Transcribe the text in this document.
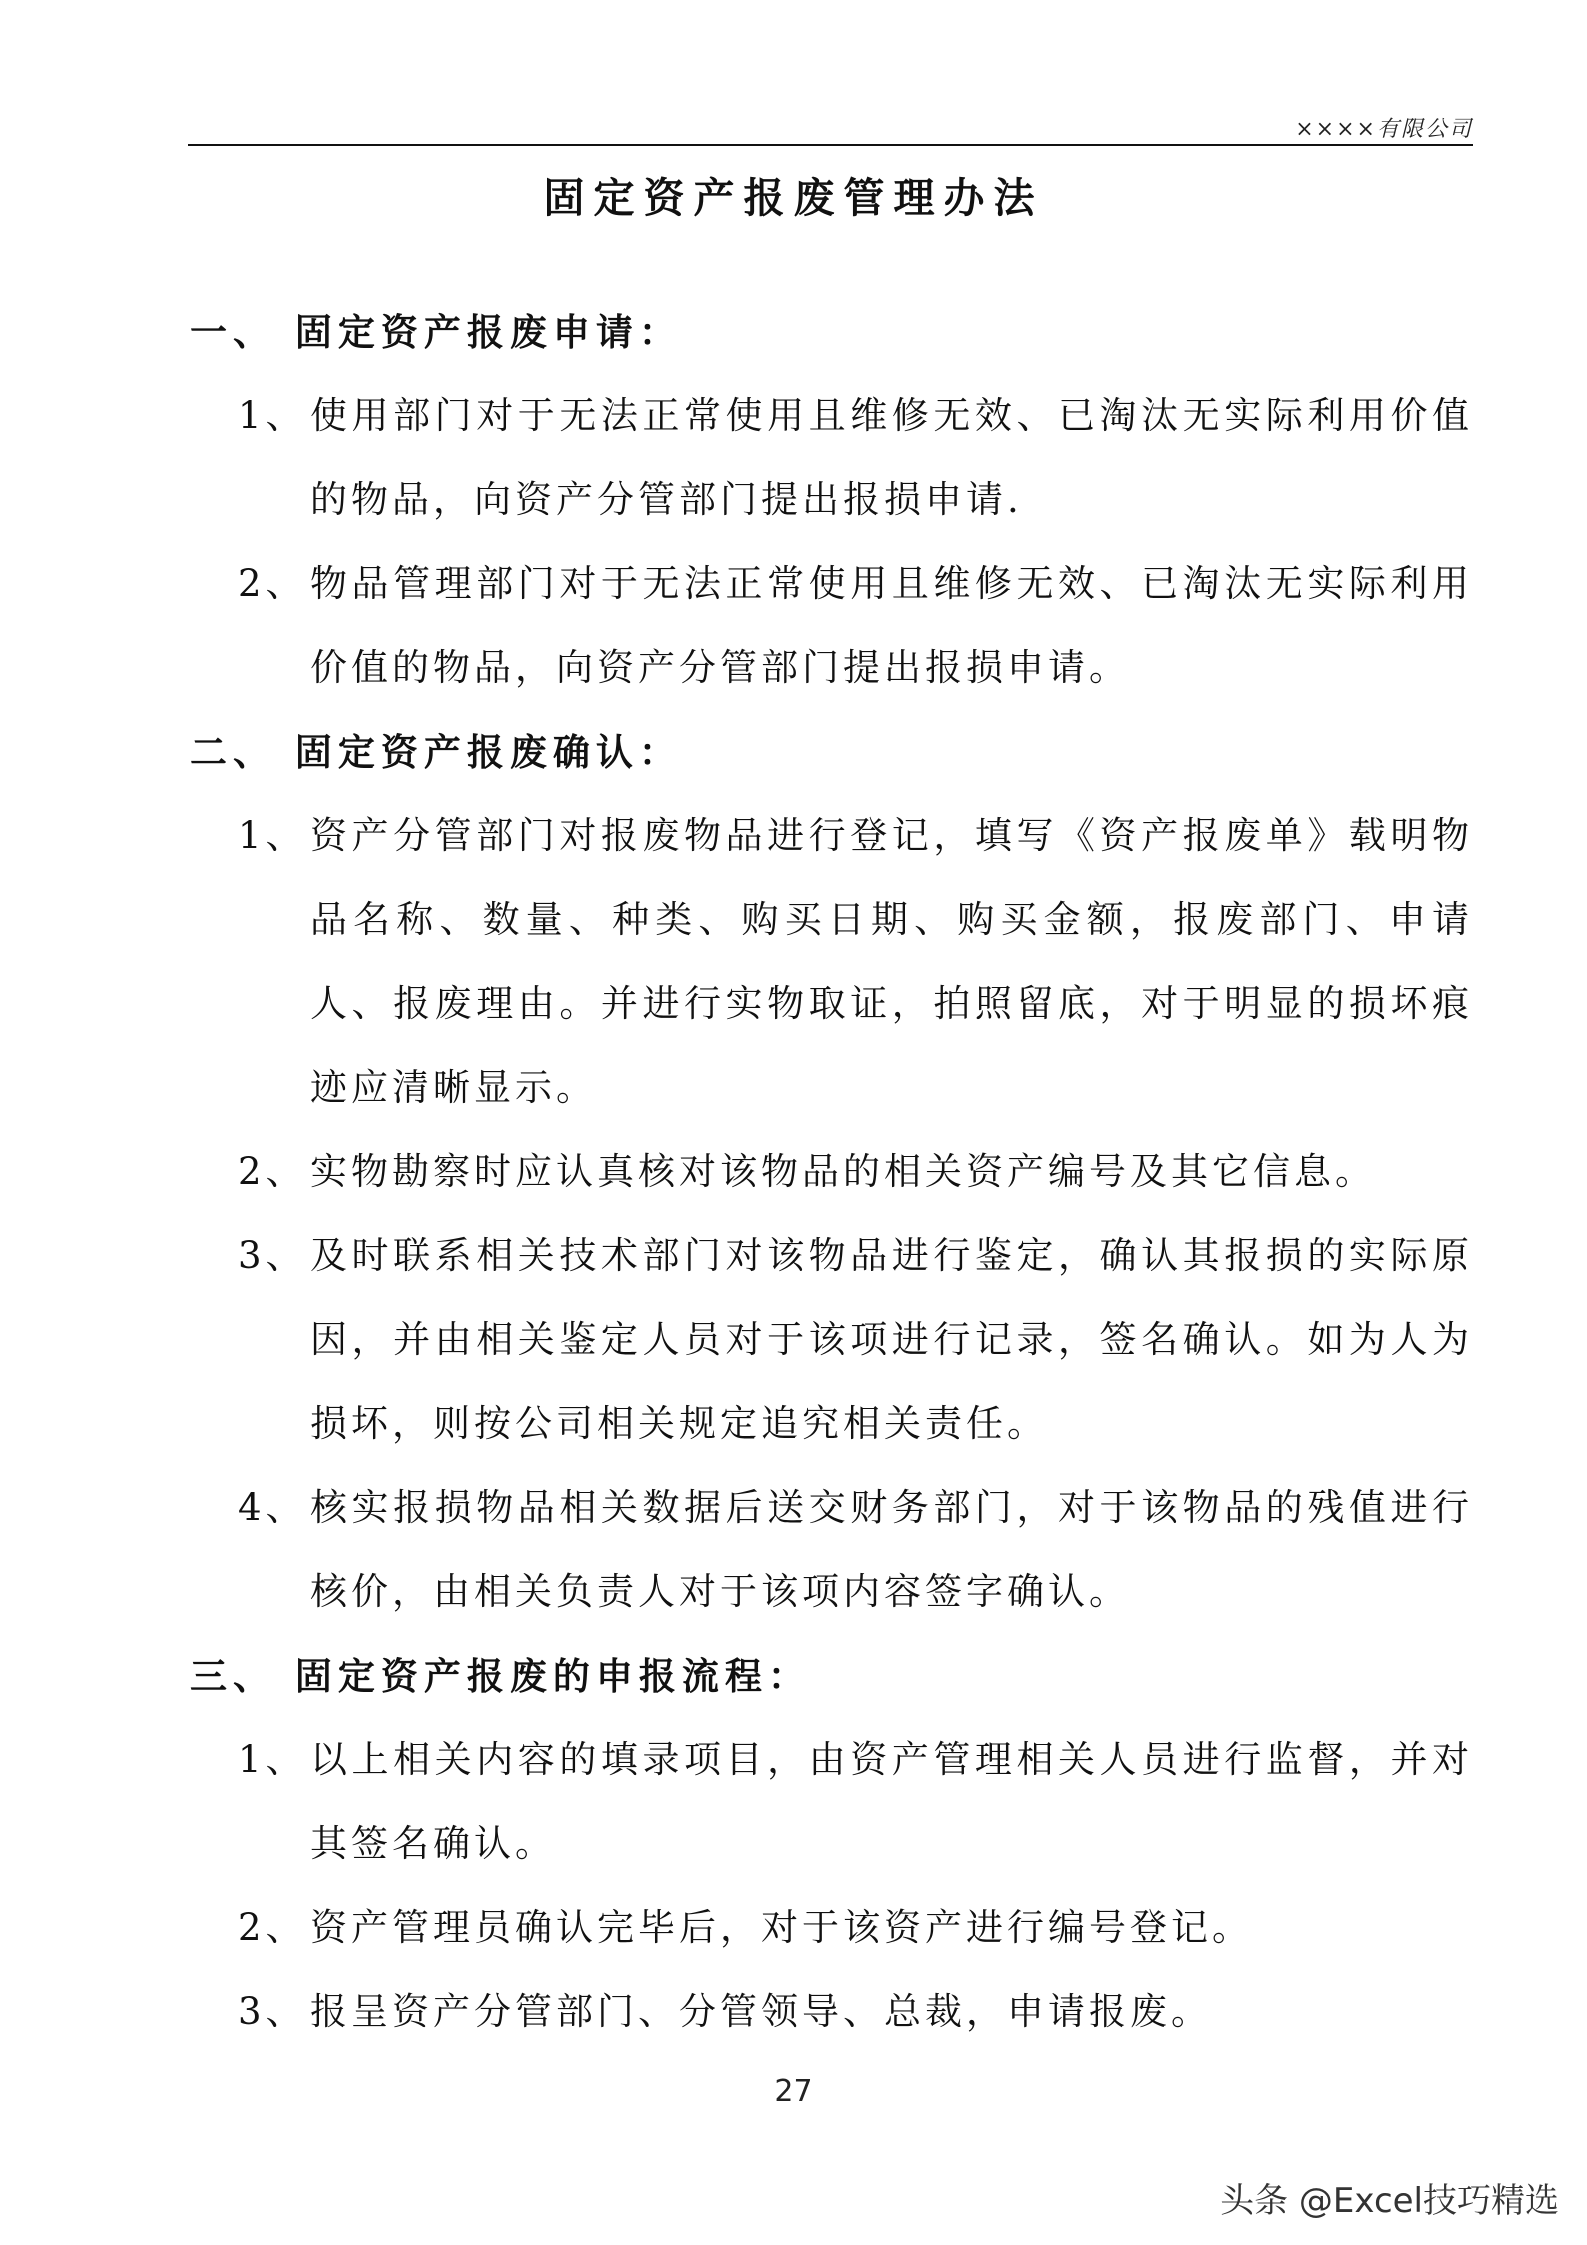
××××有限公司
固定资产报废管理办法
一、 固定资产报废申请：
1、 使用部门对于无法正常使用且维修无效、已淘汰无实际利用价值的物品，向资产分管部门提出报损申请.
2、 物品管理部门对于无法正常使用且维修无效、已淘汰无实际利用价值的物品，向资产分管部门提出报损申请。
二、 固定资产报废确认：
1、 资产分管部门对报废物品进行登记，填写《资产报废单》载明物品名称、数量、种类、购买日期、购买金额，报废部门、申请人、报废理由。并进行实物取证，拍照留底，对于明显的损坏痕迹应清晰显示。
2、 实物勘察时应认真核对该物品的相关资产编号及其它信息。
3、 及时联系相关技术部门对该物品进行鉴定，确认其报损的实际原因，并由相关鉴定人员对于该项进行记录，签名确认。如为人为损坏，则按公司相关规定追究相关责任。
4、 核实报损物品相关数据后送交财务部门，对于该物品的残值进行核价，由相关负责人对于该项内容签字确认。
三、 固定资产报废的申报流程：
1、 以上相关内容的填录项目，由资产管理相关人员进行监督，并对其签名确认。
2、 资产管理员确认完毕后，对于该资产进行编号登记。
3、 报呈资产分管部门、分管领导、总裁，申请报废。
27
头条 @Excel技巧精选
